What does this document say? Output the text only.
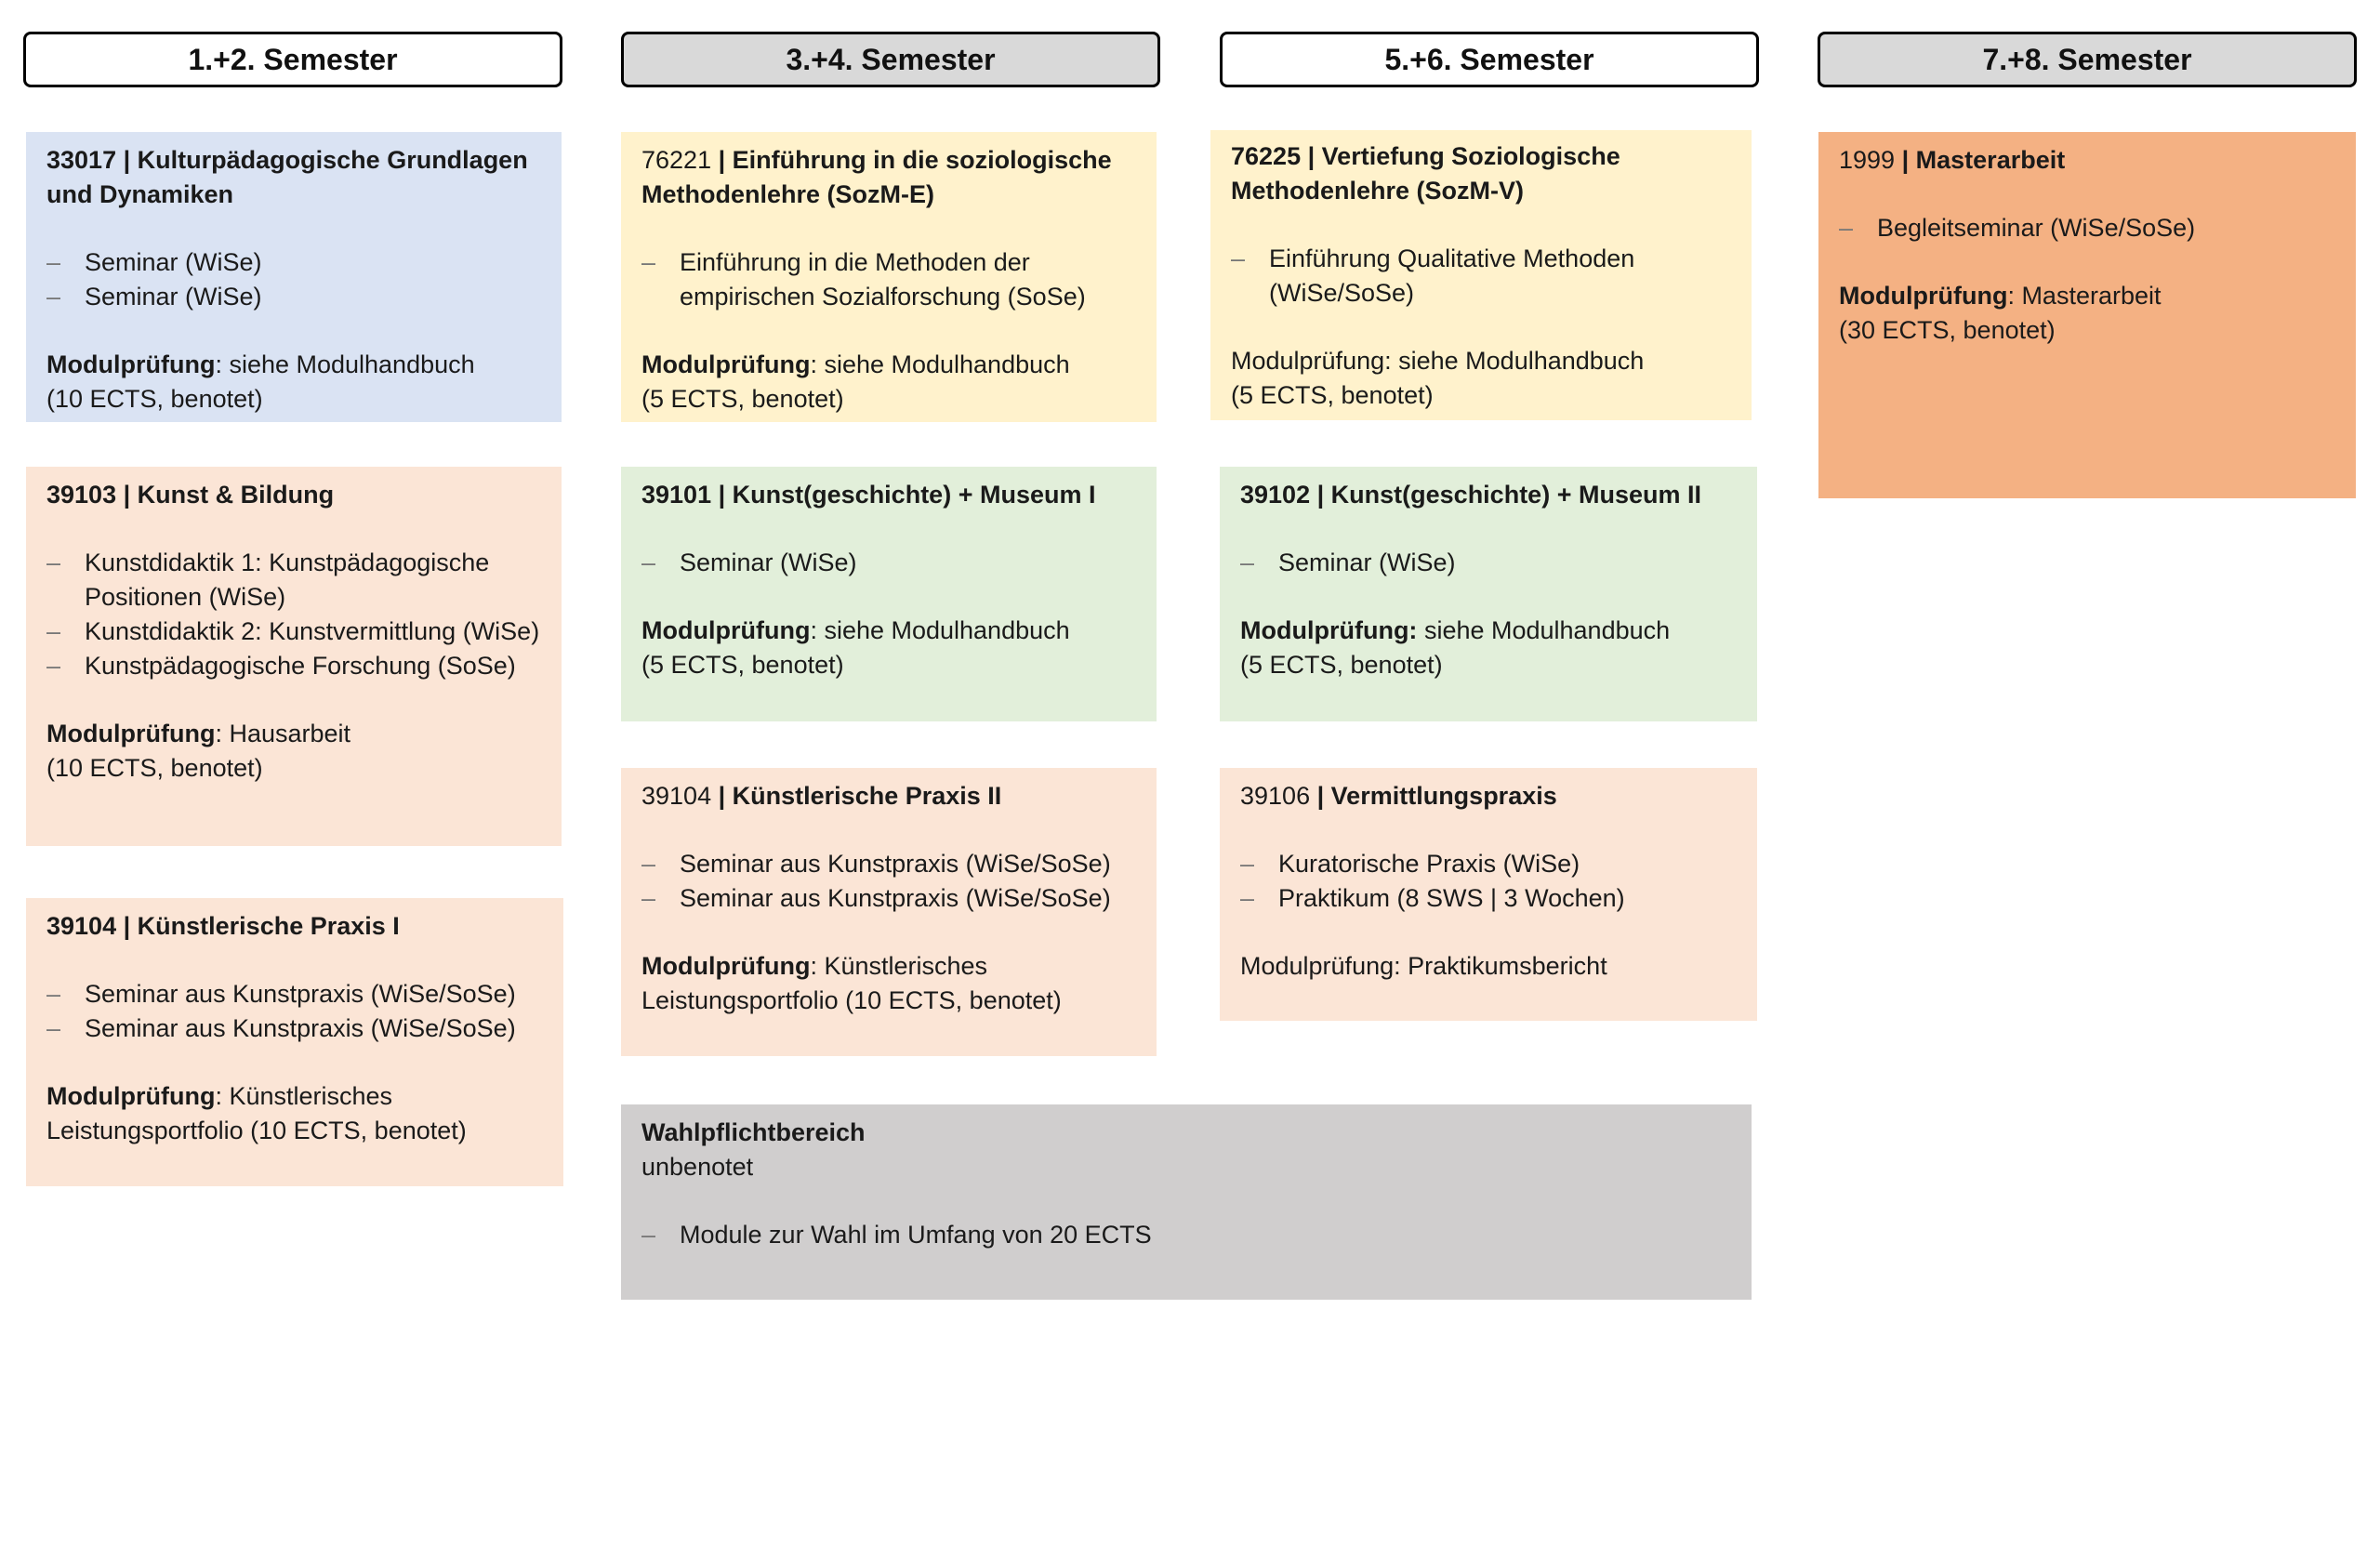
1.+2. Semester	3.+4. Semester	5.+6. Semester	7.+8. Semester

33017 | Kulturpädagogische Grundlagen und Dynamiken

– Seminar (WiSe)
– Seminar (WiSe)

Modulprüfung: siehe Modulhandbuch
(10 ECTS, benotet)

39103 | Kunst & Bildung

– Kunstdidaktik 1: Kunstpädagogische Positionen (WiSe)
– Kunstdidaktik 2: Kunstvermittlung (WiSe)
– Kunstpädagogische Forschung (SoSe)

Modulprüfung: Hausarbeit
(10 ECTS, benotet)

39104 | Künstlerische Praxis I

– Seminar aus Kunstpraxis (WiSe/SoSe)
– Seminar aus Kunstpraxis (WiSe/SoSe)

Modulprüfung: Künstlerisches
Leistungsportfolio (10 ECTS, benotet)

76221 | Einführung in die soziologische Methodenlehre (SozM-E)

– Einführung in die Methoden der empirischen Sozialforschung (SoSe)

Modulprüfung: siehe Modulhandbuch
(5 ECTS, benotet)

39101 | Kunst(geschichte) + Museum I

– Seminar (WiSe)

Modulprüfung: siehe Modulhandbuch
(5 ECTS, benotet)

39104 | Künstlerische Praxis II

– Seminar aus Kunstpraxis (WiSe/SoSe)
– Seminar aus Kunstpraxis (WiSe/SoSe)

Modulprüfung: Künstlerisches
Leistungsportfolio (10 ECTS, benotet)

Wahlpflichtbereich

unbenotet

– Module zur Wahl im Umfang von 20 ECTS

76225 | Vertiefung Soziologische Methodenlehre (SozM-V)

– Einführung Qualitative Methoden (WiSe/SoSe)

Modulprüfung: siehe Modulhandbuch
(5 ECTS, benotet)

39102 | Kunst(geschichte) + Museum II

– Seminar (WiSe)

Modulprüfung: siehe Modulhandbuch
(5 ECTS, benotet)

39106 | Vermittlungspraxis

– Kuratorische Praxis (WiSe)
– Praktikum (8 SWS | 3 Wochen)

Modulprüfung: Praktikumsbericht

1999 | Masterarbeit

– Begleitseminar (WiSe/SoSe)

Modulprüfung: Masterarbeit
(30 ECTS, benotet)
